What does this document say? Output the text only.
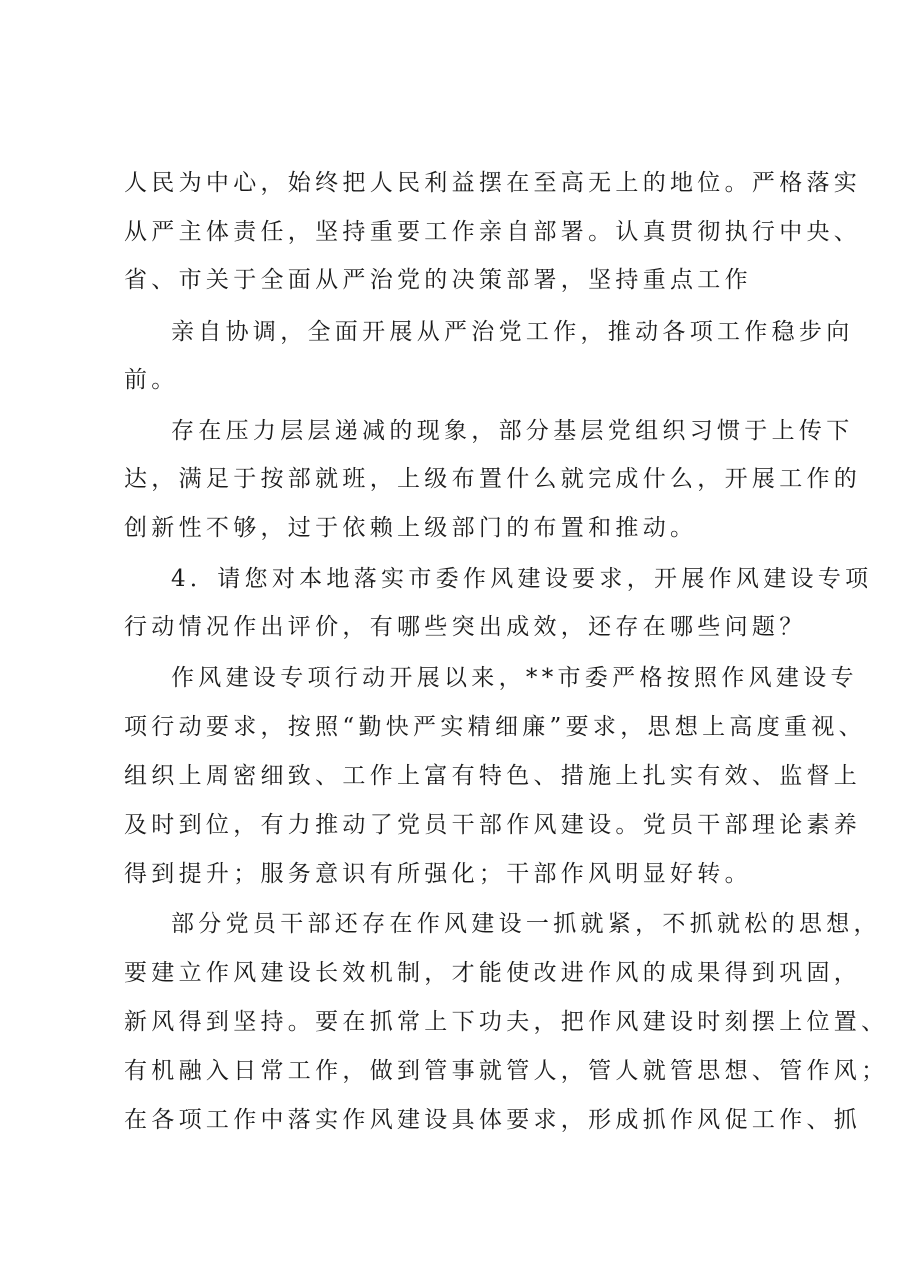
人民为中心，始终把人民利益摆在至高无上的地位。严格落实

从严主体责任，坚持重要工作亲自部署。认真贯彻执行中央、

省、市关于全面从严治党的决策部署，坚持重点工作

亲自协调，全面开展从严治党工作，推动各项工作稳步向

前。

存在压力层层递减的现象，部分基层党组织习惯于上传下

达，满足于按部就班，上级布置什么就完成什么，开展工作的

创新性不够，过于依赖上级部门的布置和推动。

4．请您对本地落实市委作风建设要求，开展作风建设专项

行动情况作出评价，有哪些突出成效，还存在哪些问题？

作风建设专项行动开展以来，**市委严格按照作风建设专

项行动要求，按照“勤快严实精细廉”要求，思想上高度重视、

组织上周密细致、工作上富有特色、措施上扎实有效、监督上

及时到位，有力推动了党员干部作风建设。党员干部理论素养

得到提升；服务意识有所强化；干部作风明显好转。

部分党员干部还存在作风建设一抓就紧，不抓就松的思想，

要建立作风建设长效机制，才能使改进作风的成果得到巩固，

新风得到坚持。要在抓常上下功夫，把作风建设时刻摆上位置、

有机融入日常工作，做到管事就管人，管人就管思想、管作风；

在各项工作中落实作风建设具体要求，形成抓作风促工作、抓
